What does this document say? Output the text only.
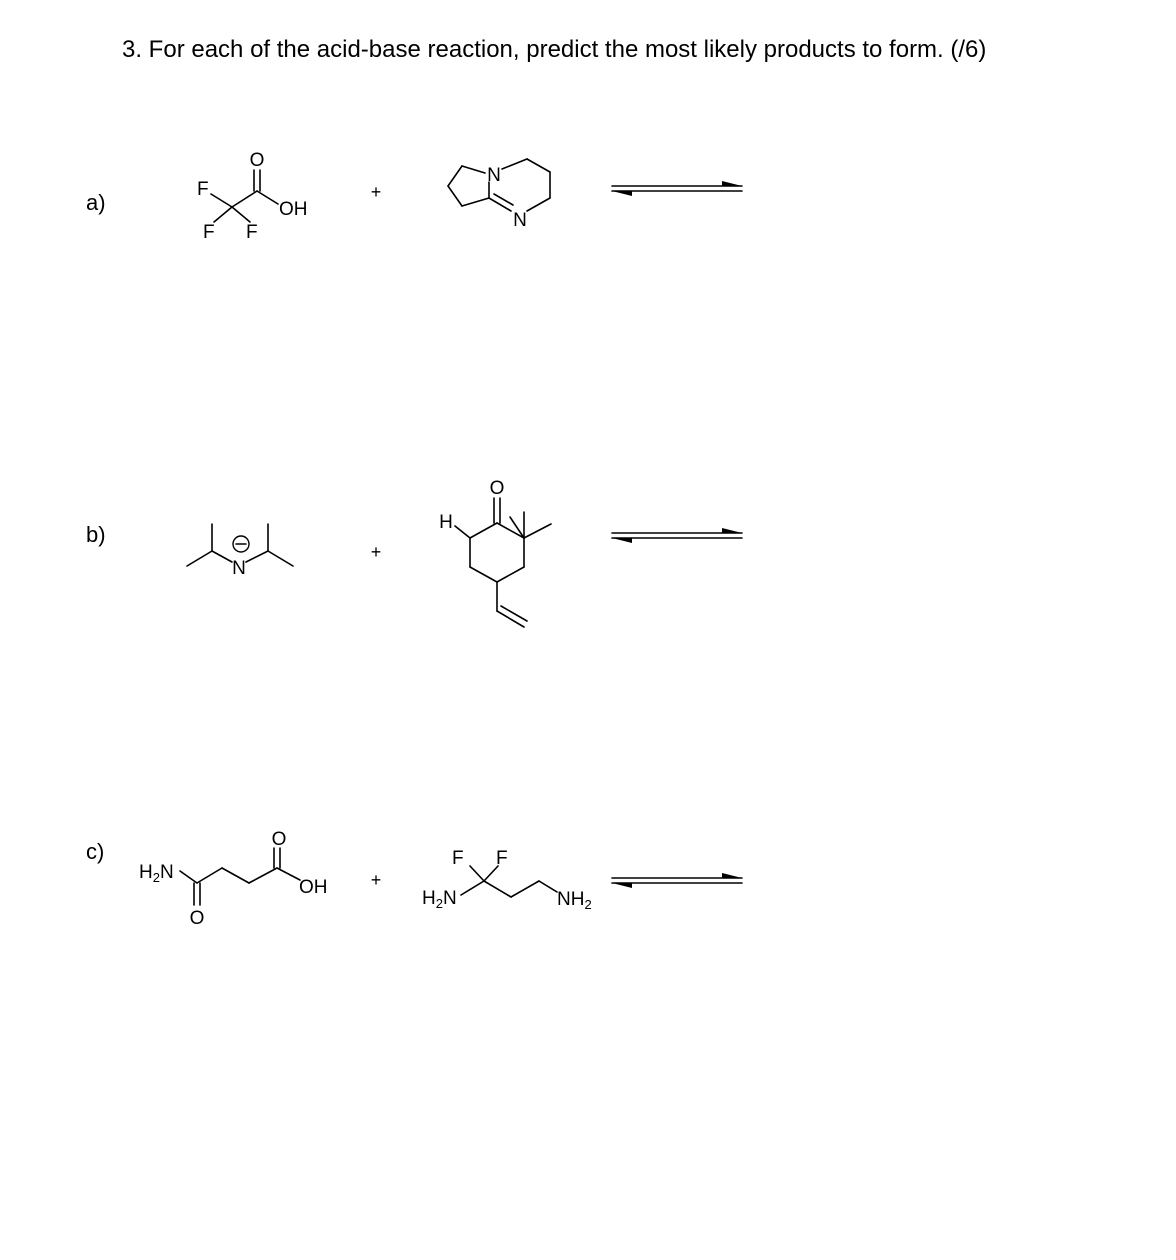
3. For each of the acid-base reaction, predict the most likely products to form. (/6)
a)
b)
c)
O
OH
F
F F
+
N
N
N
+
H
O
$H_2N$
O
O
OH +
$H_2N$
F F
$NH_2$
